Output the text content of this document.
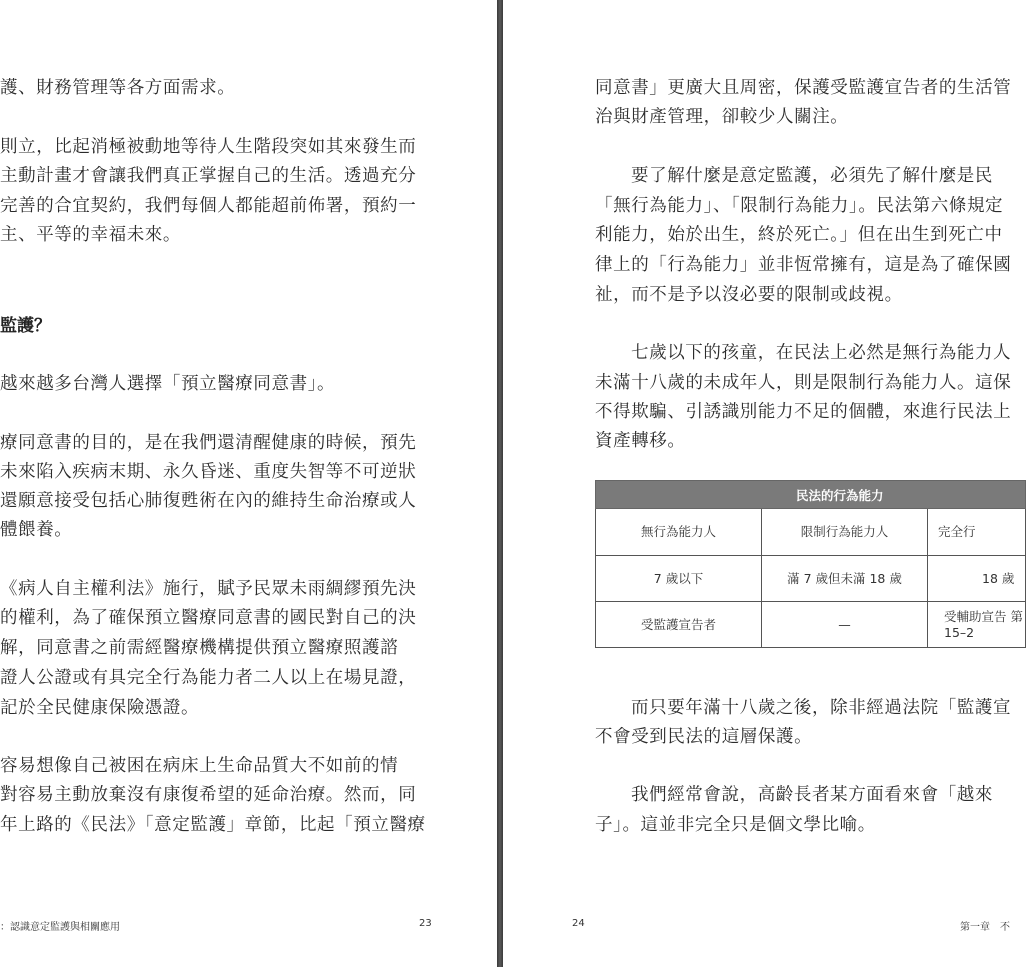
護、財務管理等各方面需求。
則立，比起消極被動地等待人生階段突如其來發生而
主動計畫才會讓我們真正掌握自己的生活。透過充分
完善的合宜契約，我們每個人都能超前佈署，預約一
主、平等的幸福未來。
監護？
越來越多台灣人選擇「預立醫療同意書」。
療同意書的目的，是在我們還清醒健康的時候，預先
未來陷入疾病末期、永久昏迷、重度失智等不可逆狀
還願意接受包括心肺復甦術在內的維持生命治療或人
體餵養。
《病人自主權利法》施行，賦予民眾未雨綢繆預先決
的權利，為了確保預立醫療同意書的國民對自己的決
解，同意書之前需經醫療機構提供預立醫療照護諮
證人公證或有具完全行為能力者二人以上在場見證，
記於全民健康保險憑證。
容易想像自己被困在病床上生命品質大不如前的情
對容易主動放棄沒有康復希望的延命治療。然而，同
年上路的《民法》「意定監護」章節，比起「預立醫療
：認識意定監護與相關應用	23
同意書」更廣大且周密，保護受監護宣告者的生活管
治與財產管理，卻較少人關注。
要了解什麼是意定監護，必須先了解什麼是民
「無行為能力」、「限制行為能力」。民法第六條規定
利能力，始於出生，終於死亡。」但在出生到死亡中
律上的「行為能力」並非恆常擁有，這是為了確保國
祉，而不是予以沒必要的限制或歧視。
七歲以下的孩童，在民法上必然是無行為能力人
未滿十八歲的未成年人，則是限制行為能力人。這保
不得欺騙、引誘識別能力不足的個體，來進行民法上
資產轉移。
民法的行為能力		
無行為能力人	限制行為能力人	完全行
7 歲以下	滿 7 歲但未滿 18 歲	18 歲
受監護宣告者	—	受輔助宣告 第 15–2
而只要年滿十八歲之後，除非經過法院「監護宣
不會受到民法的這層保護。
我們經常會說，高齡長者某方面看來會「越來
子」。這並非完全只是個文學比喻。
24	第一章　不
